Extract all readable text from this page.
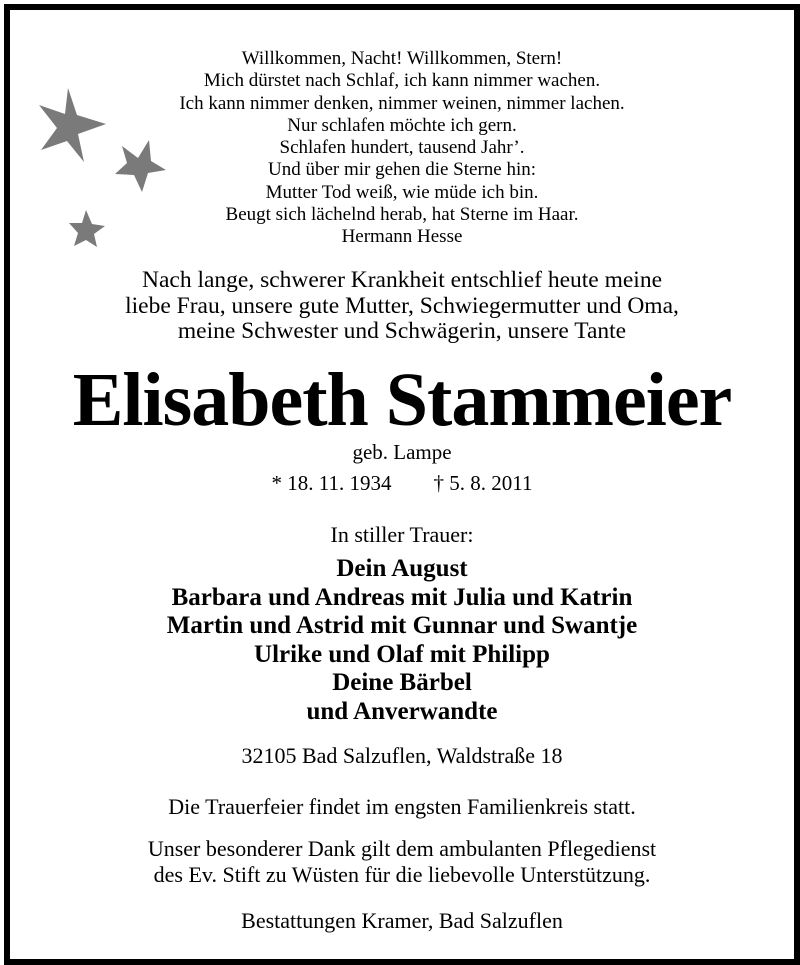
Willkommen, Nacht! Willkommen, Stern!
Mich dürstet nach Schlaf, ich kann nimmer wachen.
Ich kann nimmer denken, nimmer weinen, nimmer lachen.
Nur schlafen möchte ich gern.
Schlafen hundert, tausend Jahr’.
Und über mir gehen die Sterne hin:
Mutter Tod weiß, wie müde ich bin.
Beugt sich lächelnd herab, hat Sterne im Haar.
Hermann Hesse
Nach lange, schwerer Krankheit entschlief heute meine
liebe Frau, unsere gute Mutter, Schwiegermutter und Oma,
meine Schwester und Schwägerin, unsere Tante
Elisabeth Stammeier
geb. Lampe
* 18. 11. 1934 † 5. 8. 2011
In stiller Trauer:
Dein August
Barbara und Andreas mit Julia und Katrin
Martin und Astrid mit Gunnar und Swantje
Ulrike und Olaf mit Philipp
Deine Bärbel
und Anverwandte
32105 Bad Salzuflen, Waldstraße 18
Die Trauerfeier findet im engsten Familienkreis statt.
Unser besonderer Dank gilt dem ambulanten Pflegedienst
des Ev. Stift zu Wüsten für die liebevolle Unterstützung.
Bestattungen Kramer, Bad Salzuflen
